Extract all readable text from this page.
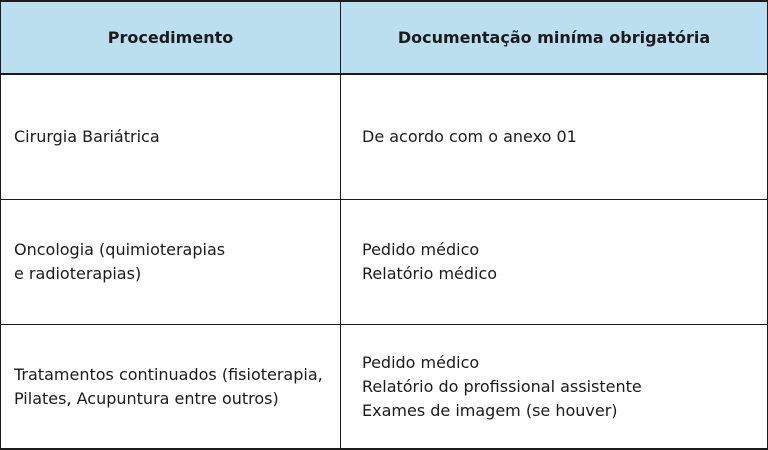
Procedimento	Documentação miníma obrigatória
Cirurgia Bariátrica	De acordo com o anexo 01
Oncologia (quimioterapias
e radioterapias)
Pedido médico
Relatório médico
Tratamentos continuados (fisioterapia,
Pilates, Acupuntura entre outros)
Pedido médico
Relatório do profissional assistente
Exames de imagem (se houver)
